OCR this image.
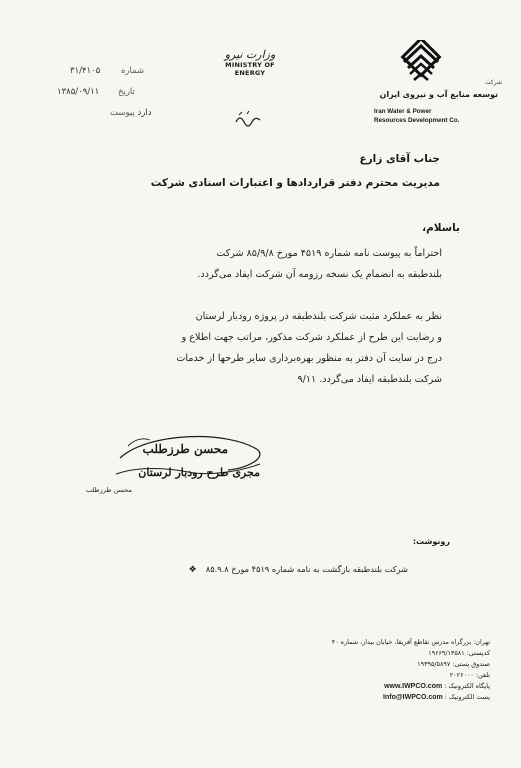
۳۱/۴۱۰۵ شماره
۱۳۸۵/۰۹/۱۱ تاریخ
دارد پیوست
وزارت نیرو
MINISTRY OF
ENERGY
شرکت
توسعه منابع آب و نیروی ایران
Iran Water & Power
Resources Development Co.
جناب آقای زارع
مدیریت محترم دفتر قراردادها و اعتبارات اسنادی شرکت
باسلام،

احتراماً به پیوست نامه شماره ۴۵۱۹ مورخ ۸۵/۹/۸ شرکت

بلندطبقه به انضمام یک نسخه رزومه آن شرکت ایفاد می‌گردد.

نظر به عملکرد مثبت شرکت بلندطبقه در پروژه رودبار لرستان

و رضایت این طرح از عملکرد شرکت مذکور، مراتب جهت اطلاع و

درج در سایت آن دفتر به منظور بهره‌برداری سایر طرحها از خدمات

شرکت بلندطبقه ایفاد می‌گردد. ۹/۱۱

محسن طرزطلب
مجری طرح رودبار لرستان
محسن طرزطلب
رونوشت:
شرکت بلندطبقه بازگشت به نامه شماره ۴۵۱۹ مورخ ۸۵.۹.۸ ❖
تهران: بزرگراه مدرس تقاطع آفریقا، خیابان بیدار، شماره ۴۰
کدپستی: ۱۹۶۶۹/۱۳۵۸۱
صندوق پستی: ۱۹۳۹۵/۵۸۹۷
تلفن: ۲۰۲۶۰۰۰
پایگاه الکترونیک : www.IWPCO.com
پست الکترونیک : Info@IWPCO.com
